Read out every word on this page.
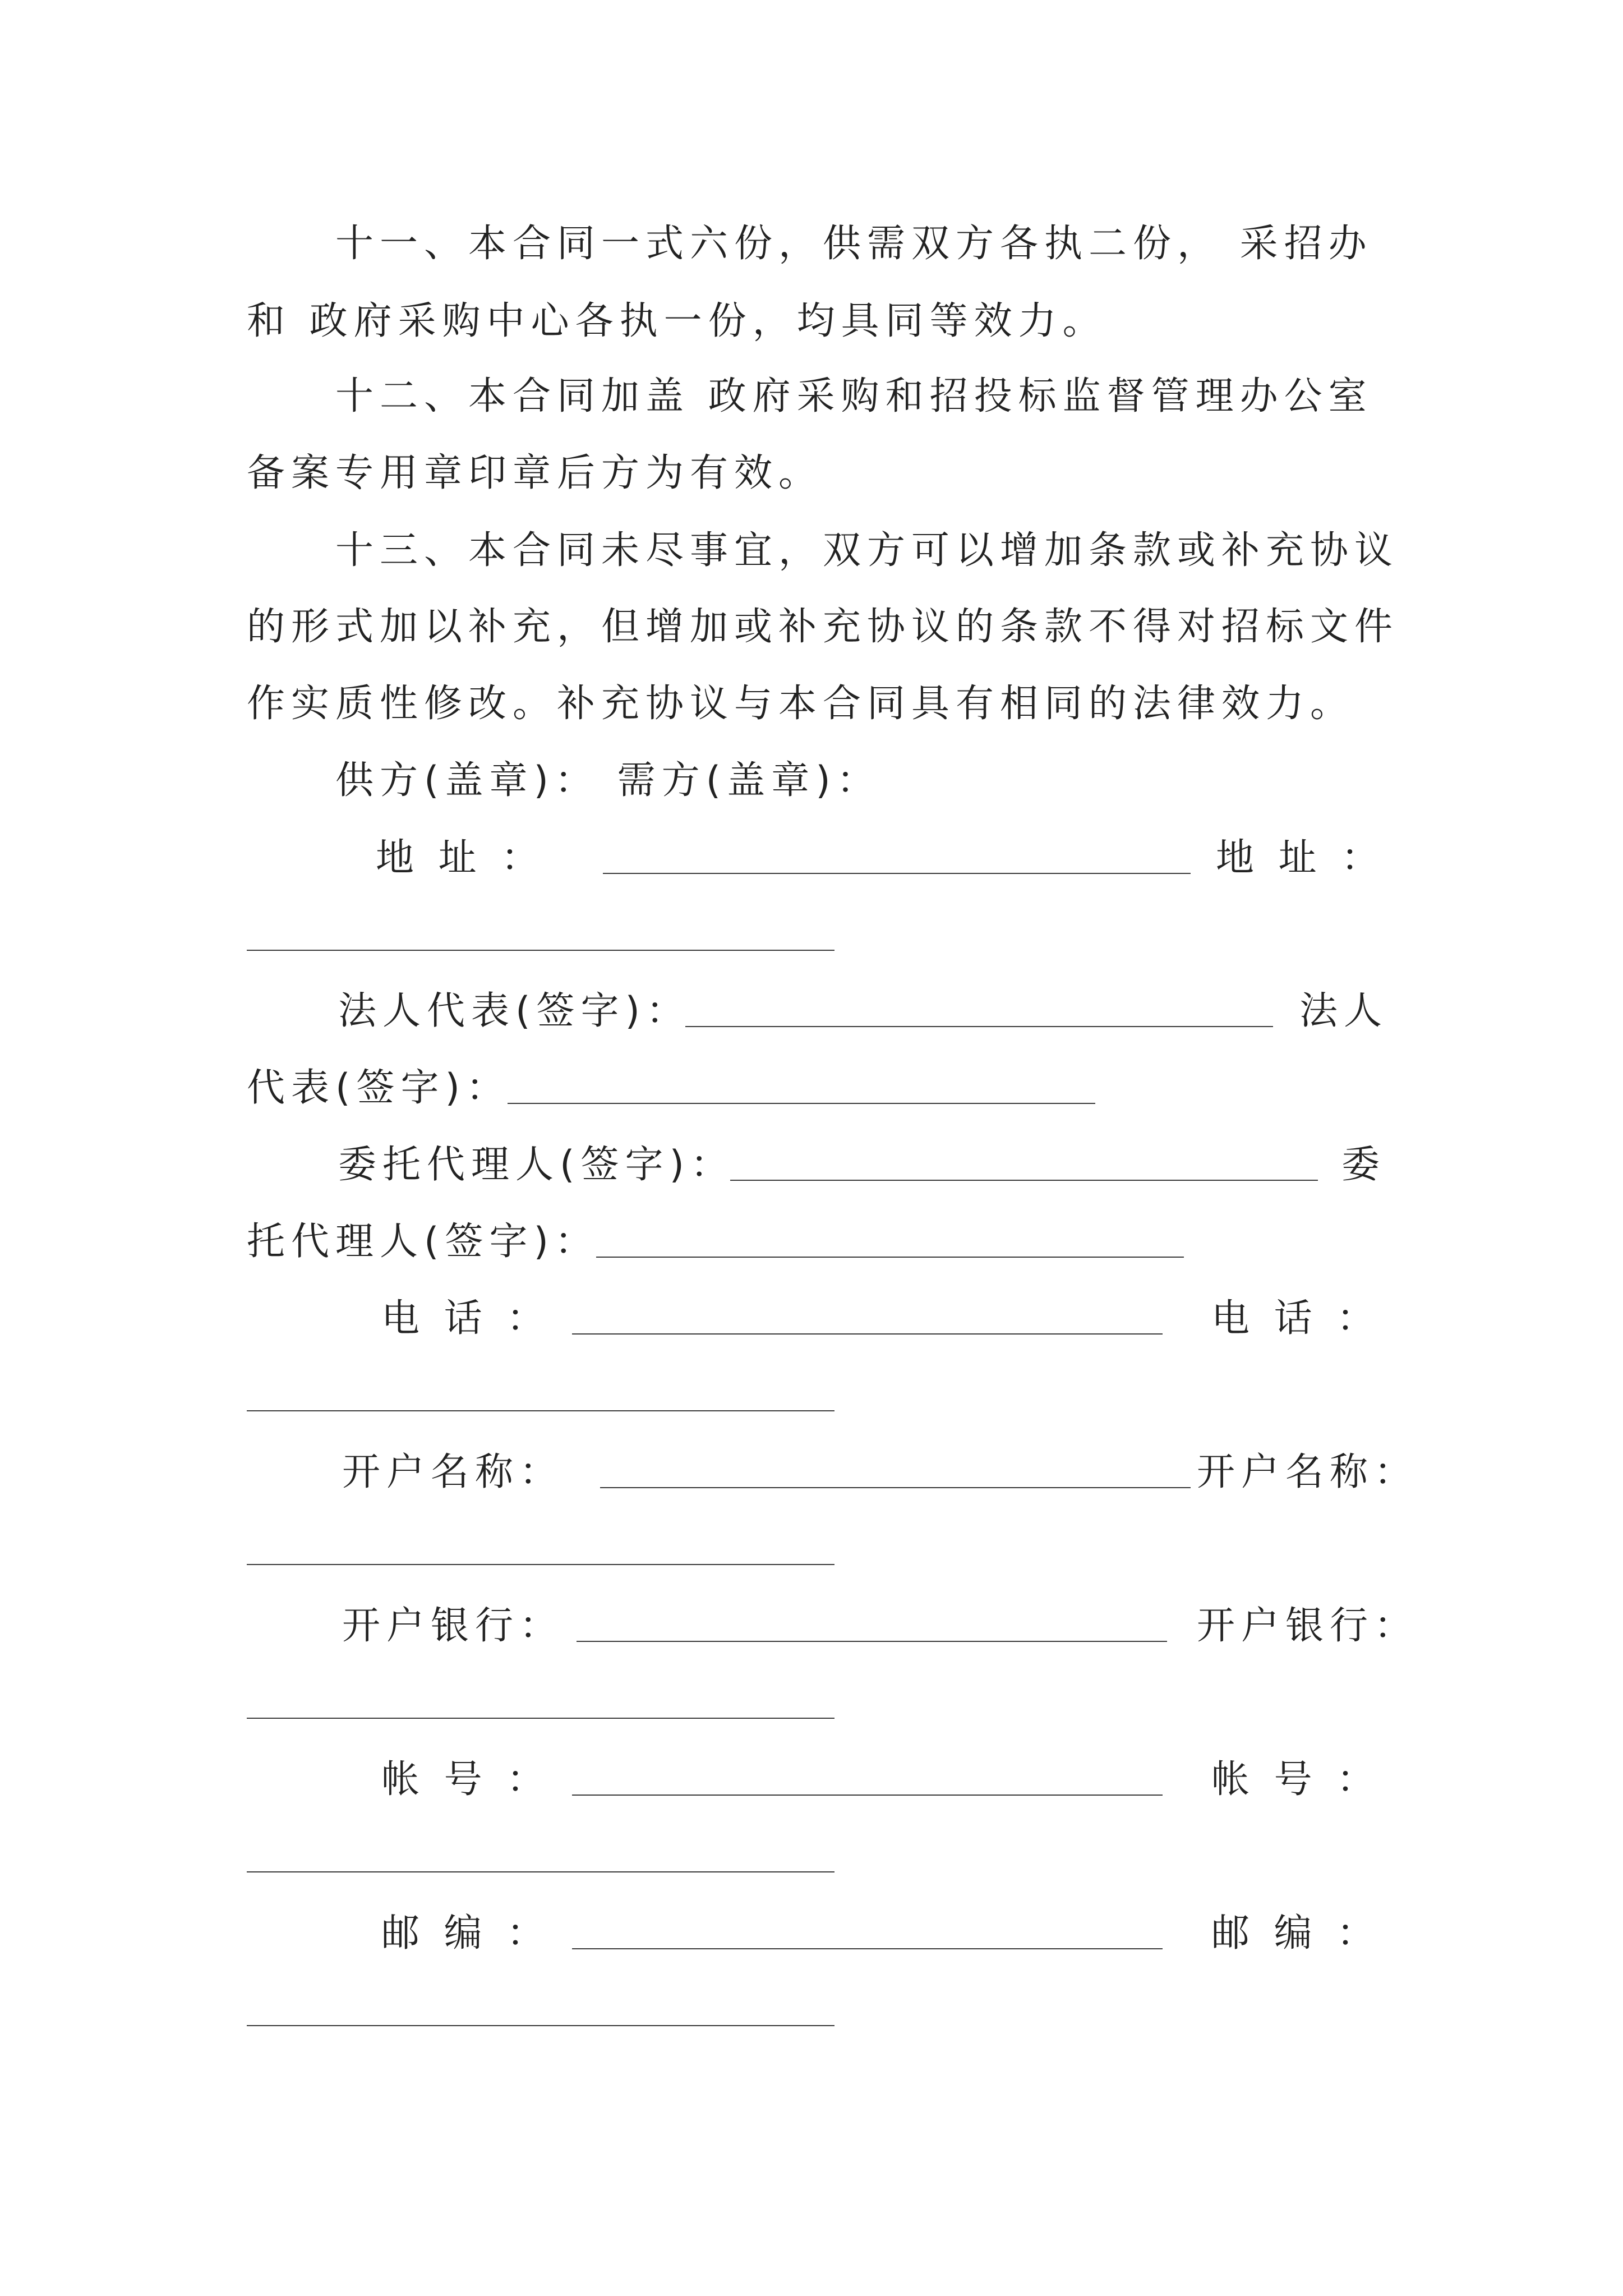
　　十一、本合同一式六份，供需双方各执二份， 采招办

和 政府采购中心各执一份，均具同等效力。

　　十二、本合同加盖 政府采购和招投标监督管理办公室

备案专用章印章后方为有效。

　　十三、本合同未尽事宜，双方可以增加条款或补充协议

的形式加以补充，但增加或补充协议的条款不得对招标文件

作实质性修改。补充协议与本合同具有相同的法律效力。

　　供方(盖章)： 需方(盖章)：

地 址 ：	地 址 ：

法人代表(签字)：	法人

代表(签字)：

委托代理人(签字)：	委

托代理人(签字)：

电 话 ：	电 话 ：

开户名称：	开户名称：

开户银行：	开户银行：

帐 号 ：	帐 号 ：

邮 编 ：	邮 编 ：
